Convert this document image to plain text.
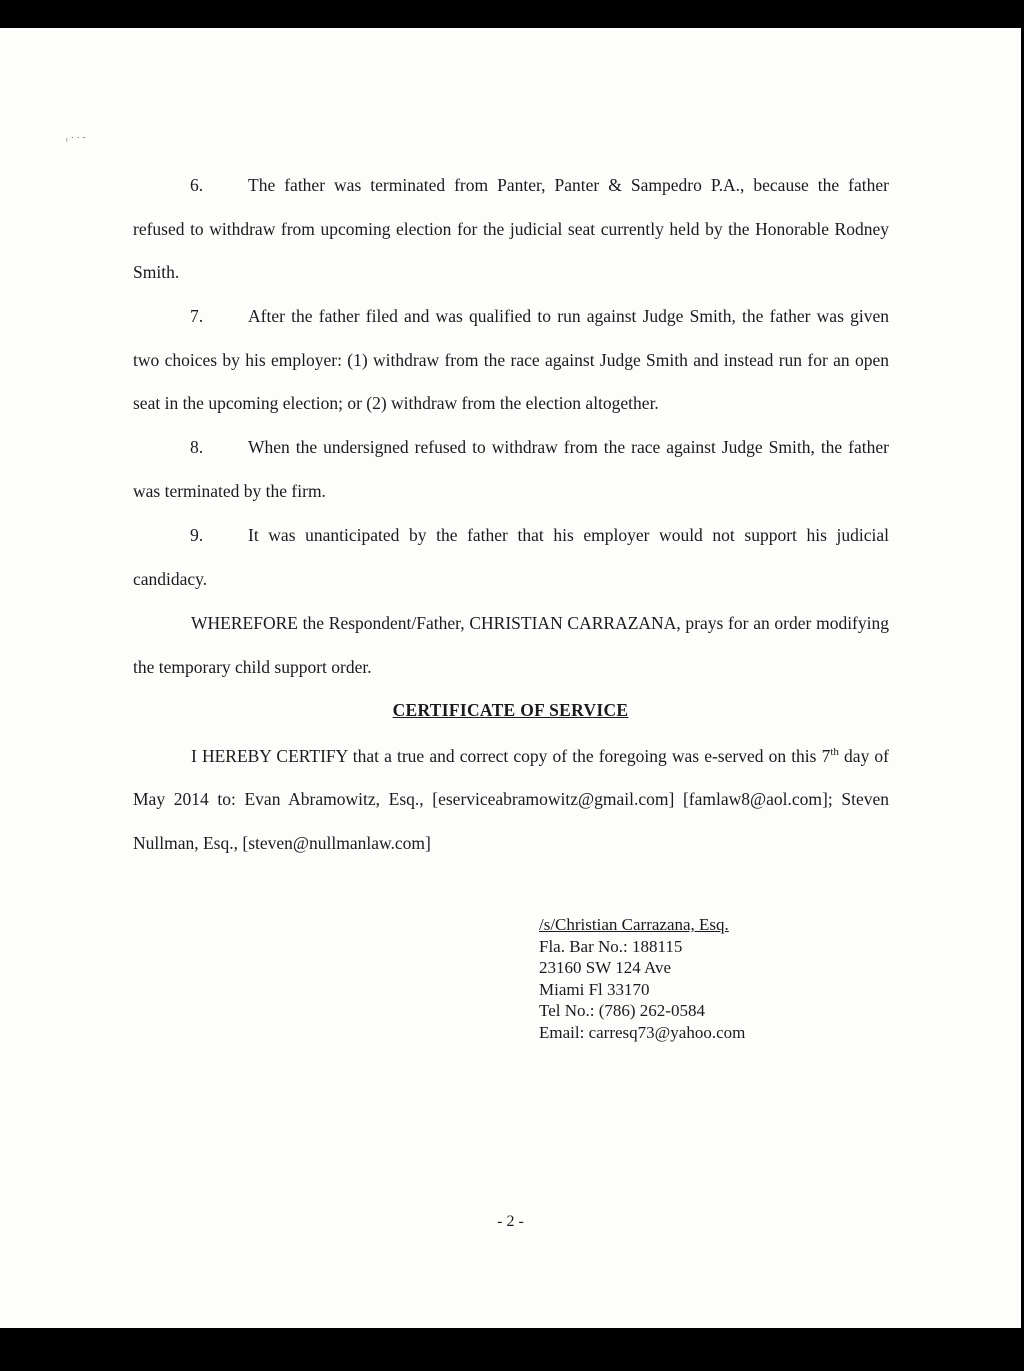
ʳ ˙ ˙ ˜

6.	The father was terminated from Panter, Panter & Sampedro P.A., because the father refused to withdraw from upcoming election for the judicial seat currently held by the Honorable Rodney Smith.

7.	After the father filed and was qualified to run against Judge Smith, the father was given two choices by his employer: (1) withdraw from the race against Judge Smith and instead run for an open seat in the upcoming election; or (2) withdraw from the election altogether.

8.	When the undersigned refused to withdraw from the race against Judge Smith, the father was terminated by the firm.

9.	It was unanticipated by the father that his employer would not support his judicial candidacy.

WHEREFORE the Respondent/Father, CHRISTIAN CARRAZANA, prays for an order modifying the temporary child support order.

CERTIFICATE OF SERVICE

I HEREBY CERTIFY that a true and correct copy of the foregoing was e-served on this 7th day of May 2014 to: Evan Abramowitz, Esq., [eserviceabramowitz@gmail.com] [famlaw8@aol.com]; Steven Nullman, Esq., [steven@nullmanlaw.com]

/s/Christian Carrazana, Esq.
Fla. Bar No.: 188115
23160 SW 124 Ave
Miami Fl 33170
Tel No.: (786) 262-0584
Email: carresq73@yahoo.com
- 2 -
